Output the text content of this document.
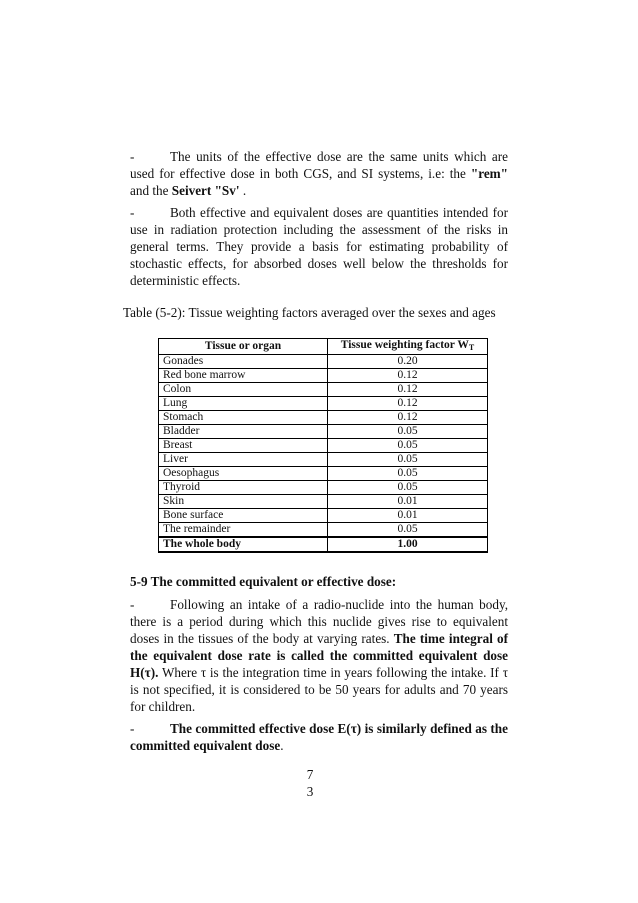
-	The units of the effective dose are the same units which are used for effective dose in both CGS, and SI systems, i.e: the "rem" and the Seivert "Sv' .

-	Both effective and equivalent doses are quantities intended for use in radiation protection including the assessment of the risks in general terms. They provide a basis for estimating probability of stochastic effects, for absorbed doses well below the thresholds for deterministic effects.

Table (5-2): Tissue weighting factors averaged over the sexes and ages
Tissue or organ	Tissue weighting factor $W_T$
Gonades	0.20
Red bone marrow	0.12
Colon	0.12
Lung	0.12
Stomach	0.12
Bladder	0.05
Breast	0.05
Liver	0.05
Oesophagus	0.05
Thyroid	0.05
Skin	0.01
Bone surface	0.01
The remainder	0.05
The whole body	1.00
5-9 The committed equivalent or effective dose:

-	Following an intake of a radio-nuclide into the human body, there is a period during which this nuclide gives rise to equivalent doses in the tissues of the body at varying rates. The time integral of the equivalent dose rate is called the committed equivalent dose H(τ). Where τ is the integration time in years following the intake. If τ is not specified, it is considered to be 50 years for adults and 70 years for children.

-	The committed effective dose E(τ) is similarly defined as the committed equivalent dose.

7
3
